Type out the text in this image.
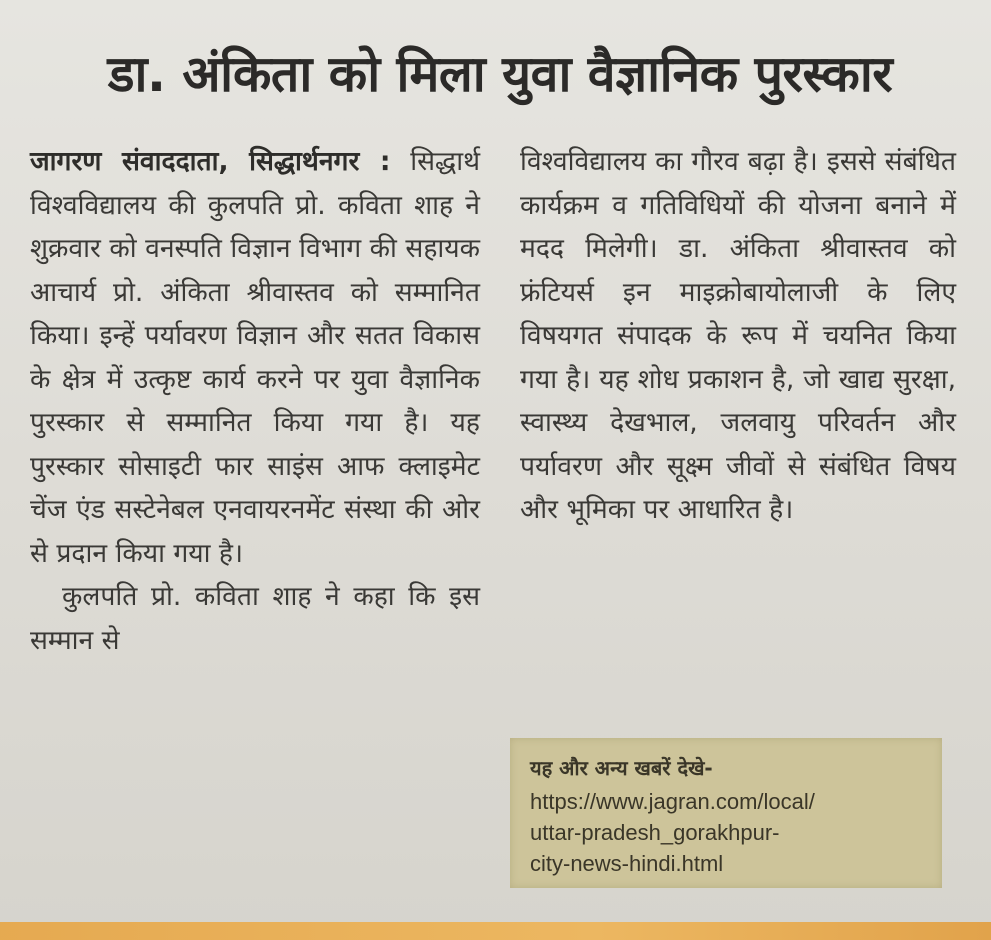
डा. अंकिता को मिला युवा वैज्ञानिक पुरस्कार

जागरण संवाददाता, सिद्धार्थनगर : सिद्धार्थ विश्वविद्यालय की कुलपति प्रो. कविता शाह ने शुक्रवार को वनस्पति विज्ञान विभाग की सहायक आचार्य प्रो. अंकिता श्रीवास्तव को सम्मानित किया। इन्हें पर्यावरण विज्ञान और सतत विकास के क्षेत्र में उत्कृष्ट कार्य करने पर युवा वैज्ञानिक पुरस्कार से सम्मानित किया गया है। यह पुरस्कार सोसाइटी फार साइंस आफ क्लाइमेट चेंज एंड सस्टेनेबल एनवायरनमेंट संस्था की ओर से प्रदान किया गया है।

कुलपति प्रो. कविता शाह ने कहा कि इस सम्मान से

विश्वविद्यालय का गौरव बढ़ा है। इससे संबंधित कार्यक्रम व गतिविधियों की योजना बनाने में मदद मिलेगी। डा. अंकिता श्रीवास्तव को फ्रंटियर्स इन माइक्रोबायोलाजी के लिए विषयगत संपादक के रूप में चयनित किया गया है। यह शोध प्रकाशन है, जो खाद्य सुरक्षा, स्वास्थ्य देखभाल, जलवायु परिवर्तन और पर्यावरण और सूक्ष्म जीवों से संबंधित विषय और भूमिका पर आधारित है।

यह और अन्य खबरें देखे-
https://www.jagran.com/local/
uttar-pradesh_gorakhpur-
city-news-hindi.html
